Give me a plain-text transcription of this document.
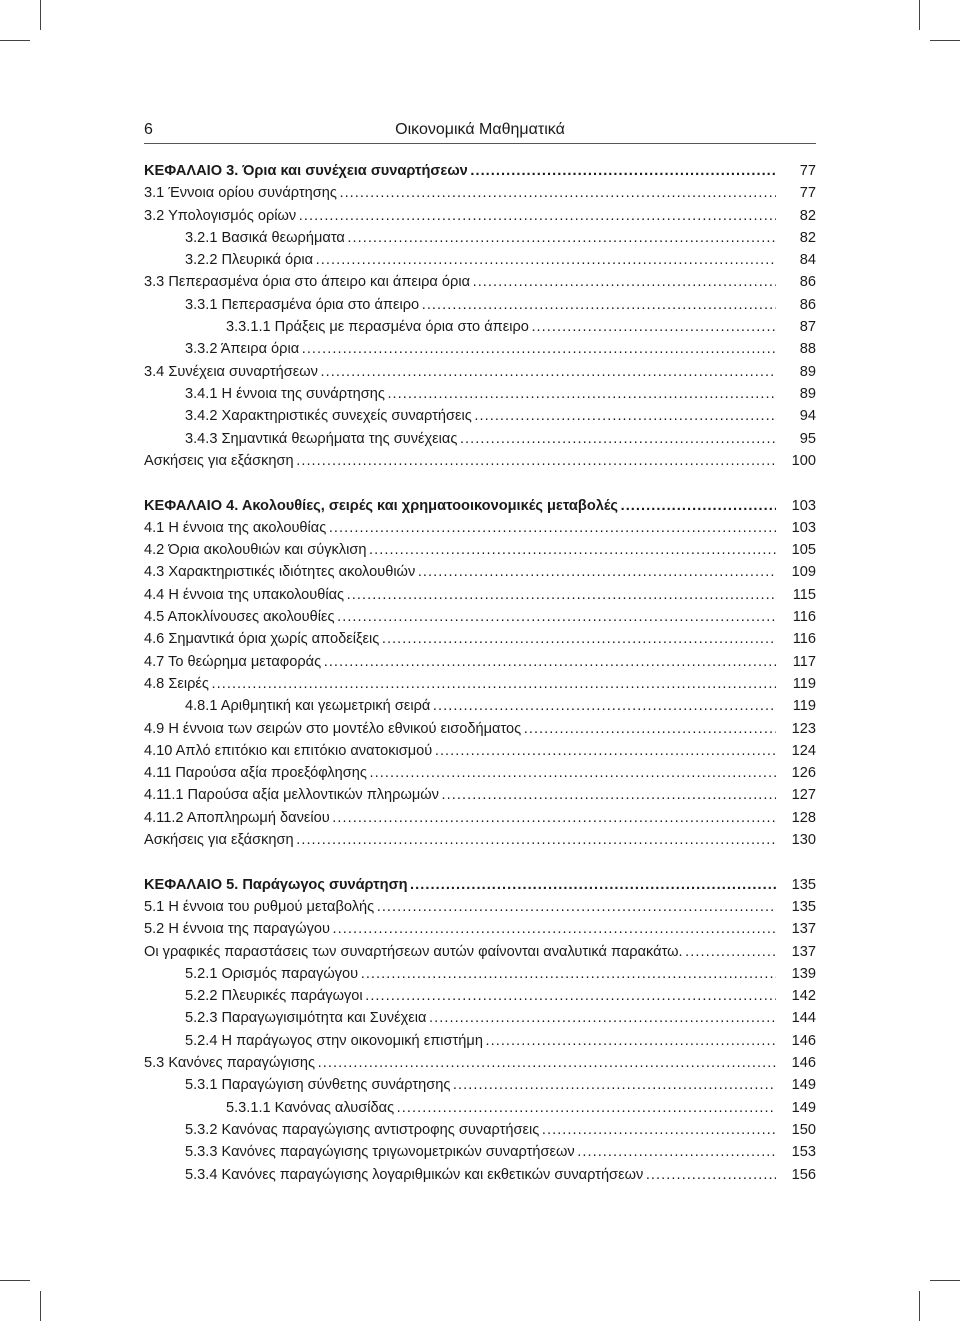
6	Οικονομικά Μαθηματικά
ΚΕΦΑΛΑΙΟ 3. Όρια και συνέχεια συναρτήσεων . . .	77
3.1 Έννοια ορίου συνάρτησης . . .	77
3.2 Υπολογισμός ορίων . . .	82
3.2.1 Βασικά θεωρήματα . . .	82
3.2.2 Πλευρικά όρια . . .	84
3.3 Πεπερασμένα όρια στο άπειρο και άπειρα όρια . . .	86
3.3.1 Πεπερασμένα όρια στο άπειρο . . .	86
3.3.1.1 Πράξεις με περασμένα όρια στο άπειρο . . .	87
3.3.2 Άπειρα όρια . . .	88
3.4 Συνέχεια συναρτήσεων . . .	89
3.4.1 Η έννοια της συνάρτησης . . .	89
3.4.2 Χαρακτηριστικές συνεχείς συναρτήσεις . . .	94
3.4.3 Σημαντικά θεωρήματα της συνέχειας . . .	95
Ασκήσεις για εξάσκηση . . .	100
ΚΕΦΑΛΑΙΟ 4. Ακολουθίες, σειρές και χρηματοοικονομικές μεταβολές . . .	103
4.1 Η έννοια της ακολουθίας . . .	103
4.2 Όρια ακολουθιών και σύγκλιση . . .	105
4.3 Χαρακτηριστικές ιδιότητες ακολουθιών . . .	109
4.4 Η έννοια της υπακολουθίας . . .	115
4.5 Αποκλίνουσες ακολουθίες . . .	116
4.6 Σημαντικά όρια χωρίς αποδείξεις . . .	116
4.7 Το θεώρημα μεταφοράς . . .	117
4.8 Σειρές . . .	119
4.8.1 Αριθμητική και γεωμετρική σειρά . . .	119
4.9 Η έννοια των σειρών στο μοντέλο εθνικού εισοδήματος . . .	123
4.10 Απλό επιτόκιο και επιτόκιο ανατοκισμού . . .	124
4.11 Παρούσα αξία προεξόφλησης . . .	126
4.11.1 Παρούσα αξία μελλοντικών πληρωμών . . .	127
4.11.2 Αποπληρωμή δανείου . . .	128
Ασκήσεις για εξάσκηση . . .	130
ΚΕΦΑΛΑΙΟ 5. Παράγωγος συνάρτηση . . .	135
5.1 Η έννοια του ρυθμού μεταβολής . . .	135
5.2 Η έννοια της παραγώγου . . .	137
Οι γραφικές παραστάσεις των συναρτήσεων αυτών φαίνονται αναλυτικά παρακάτω. . . .	137
5.2.1 Ορισμός παραγώγου . . .	139
5.2.2 Πλευρικές παράγωγοι . . .	142
5.2.3 Παραγωγισιμότητα και Συνέχεια . . .	144
5.2.4 Η παράγωγος στην οικονομική επιστήμη . . .	146
5.3 Κανόνες παραγώγισης . . .	146
5.3.1 Παραγώγιση σύνθετης συνάρτησης . . .	149
5.3.1.1 Κανόνας αλυσίδας . . .	149
5.3.2 Κανόνας παραγώγισης αντιστροφης συναρτήσεις . . .	150
5.3.3 Κανόνες παραγώγισης τριγωνομετρικών συναρτήσεων . . .	153
5.3.4 Κανόνες παραγώγισης λογαριθμικών και εκθετικών συναρτήσεων . . .	156
